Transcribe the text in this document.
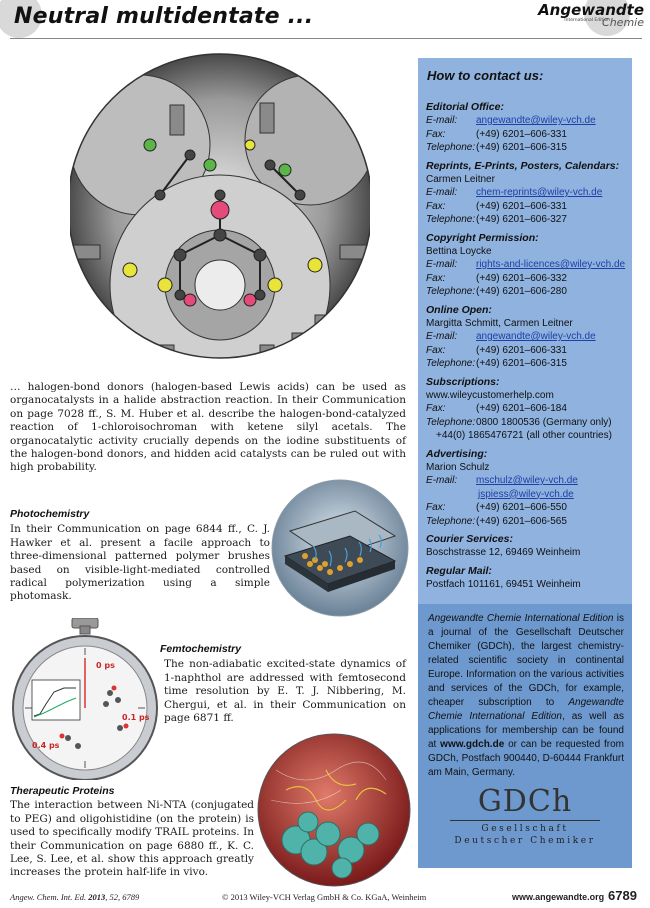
Neutral multidentate ...	Angewandte
International Edition
Chemie
… halogen-bond donors (halogen-based Lewis acids) can be used as organocatalysts in a halide abstraction reaction. In their Communication on page 7028 ff., S. M. Huber et al. describe the halogen-bond-catalyzed reaction of 1-chloroisochroman with ketene silyl acetals. The organocatalytic activity crucially depends on the iodine substituents of the halogen-bond donors, and hidden acid catalysts can be ruled out with high probability.
Photochemistry
In their Communication on page 6844 ff., C. J. Hawker et al. present a facile approach to three-dimensional patterned polymer brushes based on visible-light-mediated controlled radical polymerization using a simple photomask.
0 ps
0.1 ps
0.4 ps
Femtochemistry
The non-adiabatic excited-state dynamics of 1-naphthol are addressed with femtosecond time resolution by E. T. J. Nibbering, M. Chergui, et al. in their Communication on page 6871 ff.
Therapeutic Proteins
The interaction between Ni-NTA (conjugated to PEG) and oligohistidine (on the protein) is used to specifically modify TRAIL proteins. In their Communication on page 6880 ff., K. C. Lee, S. Lee, et al. show this approach greatly increases the protein half-life in vivo.
How to contact us:
Editorial Office:
E-mail: angewandte@wiley-vch.de
Fax:	(+49) 6201–606-331
Telephone:(+49) 6201–606-315
Reprints, E-Prints, Posters, Calendars:
Carmen Leitner
E-mail: chem-reprints@wiley-vch.de
Fax:	(+49) 6201–606-331
Telephone:(+49) 6201–606-327
Copyright Permission:
Bettina Loycke
E-mail: rights-and-licences@wiley-vch.de
Fax:	(+49) 6201–606-332
Telephone:(+49) 6201–606-280
Online Open:
Margitta Schmitt, Carmen Leitner
E-mail: angewandte@wiley-vch.de
Fax:	(+49) 6201–606-331
Telephone:(+49) 6201–606-315
Subscriptions:
www.wileycustomerhelp.com
Fax:	(+49) 6201–606-184
Telephone:0800 1800536 (Germany only)
+44(0) 1865476721 (all other countries)
Advertising:
Marion Schulz
E-mail: mschulz@wiley-vch.de
jspiess@wiley-vch.de
Fax:	(+49) 6201–606-550
Telephone:(+49) 6201–606-565
Courier Services:
Boschstrasse 12, 69469 Weinheim
Regular Mail:
Postfach 101161, 69451 Weinheim
Angewandte Chemie International Edition is a journal of the Gesellschaft Deutscher Chemiker (GDCh), the largest chemistry-related scientific society in continental Europe. Information on the various activities and services of the GDCh, for example, cheaper subscription to Angewandte Chemie International Edition, as well as applications for membership can be found at www.gdch.de or can be requested from GDCh, Postfach 900440, D-60444 Frankfurt am Main, Germany.
GDCh
Gesellschaft
Deutscher Chemiker
Angew. Chem. Int. Ed. 2013, 52, 6789	© 2013 Wiley-VCH Verlag GmbH & Co. KGaA, Weinheim	www.angewandte.org 6789
